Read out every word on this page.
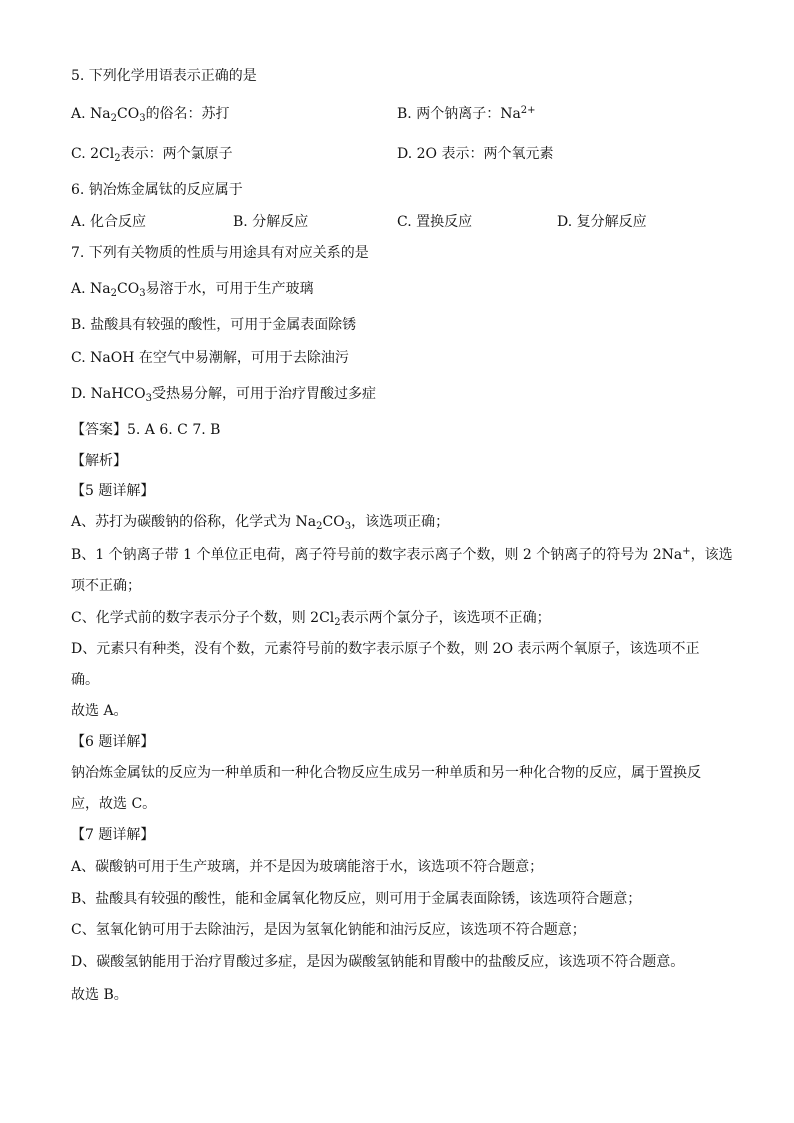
5. 下列化学用语表示正确的是
A. $Na_2CO_3$的俗名：苏打	B. 两个钠离子：$Na^{2+}$
C. $2Cl_2$表示：两个氯原子	D. 2O 表示：两个氧元素
6. 钠冶炼金属钛的反应属于
A. 化合反应	B. 分解反应	C. 置换反应	D. 复分解反应
7. 下列有关物质的性质与用途具有对应关系的是
A. $Na_2CO_3$易溶于水，可用于生产玻璃
B. 盐酸具有较强的酸性，可用于金属表面除锈
C. NaOH 在空气中易潮解，可用于去除油污
D. NaHCO$_3$受热易分解，可用于治疗胃酸过多症
【答案】5. A 6. C 7. B
【解析】
【5 题详解】
A、苏打为碳酸钠的俗称，化学式为 $Na_2CO_3$，该选项正确；
B、1 个钠离子带 1 个单位正电荷，离子符号前的数字表示离子个数，则 2 个钠离子的符号为 2Na+，该选
项不正确；
C、化学式前的数字表示分子个数，则 $2Cl_2$表示两个氯分子，该选项不正确；
D、元素只有种类，没有个数，元素符号前的数字表示原子个数，则 2O 表示两个氧原子，该选项不正
确。
故选 A。
【6 题详解】
钠冶炼金属钛的反应为一种单质和一种化合物反应生成另一种单质和另一种化合物的反应，属于置换反
应，故选 C。
【7 题详解】
A、碳酸钠可用于生产玻璃，并不是因为玻璃能溶于水，该选项不符合题意；
B、盐酸具有较强的酸性，能和金属氧化物反应，则可用于金属表面除锈，该选项符合题意；
C、氢氧化钠可用于去除油污，是因为氢氧化钠能和油污反应，该选项不符合题意；
D、碳酸氢钠能用于治疗胃酸过多症，是因为碳酸氢钠能和胃酸中的盐酸反应，该选项不符合题意。
故选 B。
